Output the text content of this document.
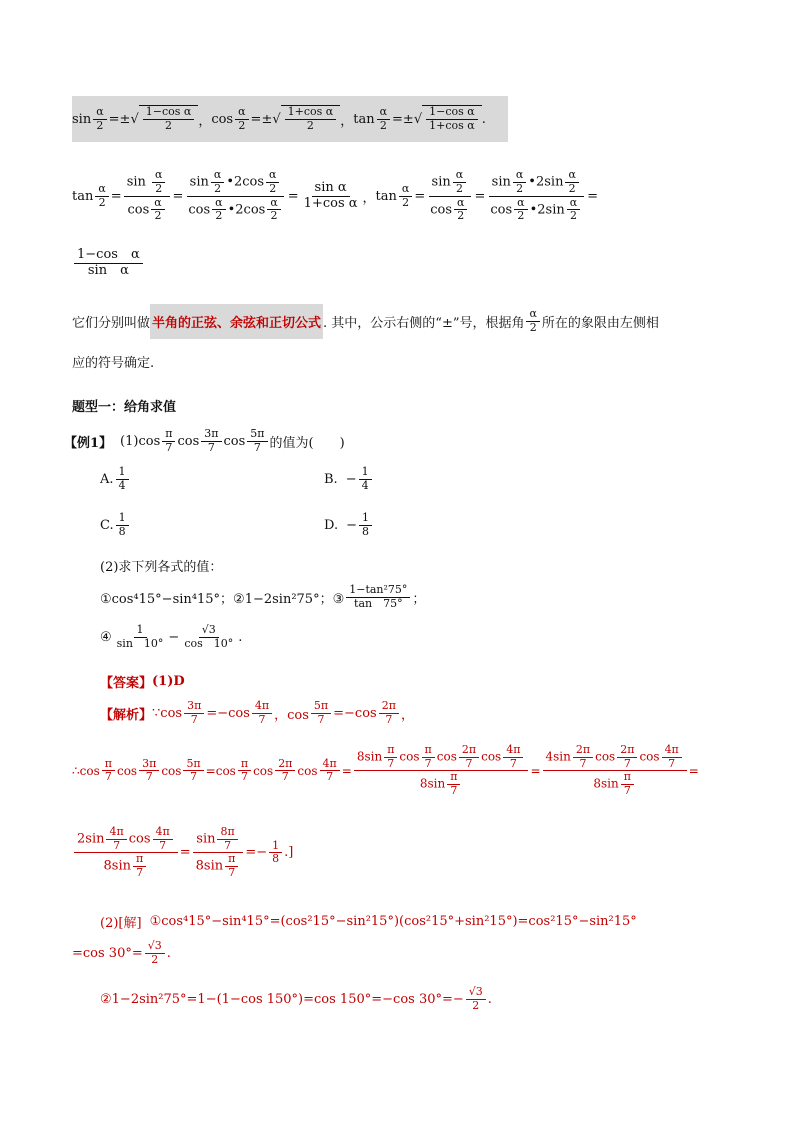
$\sin \frac{\alpha}{2}$ =± √ $\frac{\text{1−cos α}}{2}$ ， $\cos \frac{\alpha}{2}$ =± √ $\frac{\text{1+cos α}}{2}$ ， $\tan \frac{\alpha}{2}$ =± √ $\frac{\text{1−cos α}}{\text{1+cos α}}$ .
$\tan \frac{\alpha}{2} = \frac{\sin \frac{\alpha}{2}}{\cos \frac{\alpha}{2}} = \frac{\sin \frac{\alpha}{2} •2\cos \frac{\alpha}{2}}{\cos \frac{\alpha}{2} •2\cos \frac{\alpha}{2}} = \frac{\text{sin α}}{\text{1+cos α}}$ ， $\tan \frac{\alpha}{2} = \frac{\sin \frac{\alpha}{2}}{\cos \frac{\alpha}{2}} = \frac{\sin \frac{\alpha}{2} •2\sin \frac{\alpha}{2}}{\cos \frac{\alpha}{2} •2\sin \frac{\alpha}{2}}$ =
1−cos　α
sin　α
它们分别叫做 半角的正弦、余弦和正切公式 . 其中，公示右侧的“±”号，根据角
α
2 所在的象限由左侧相
应的符号确定.
题型一：给角求值
【例1】 (1) cos
π
7 cos
3π
7 cos
5π
7 的值为(　　)
A.
1
4	B. − $\frac{1}{4}$
C.
1
8	D. − $\frac{1}{8}$
(2)求下列各式的值：
①cos⁴15°−sin⁴15°；②1−2sin²75°；③
1−tan²75°
tan　75° ；
④
1
sin　$10^\circ - \frac{√3}{\cos 10^\circ}$ .
【答案】 (1)D
【解析】 ∵cos $\frac{3\pi}{7} =-\cos$
4π
7 ，$\cos \frac{5\pi}{7} =-\cos$
2π
7 ，
∴cos
π
7 cos
3π
7 $\cos \frac{5\pi}{7} =\cos$
π
7 cos
2π
7 $\cos \frac{4\pi}{7} = \frac{8\sin \frac{\pi}{7} \cos \frac{\pi}{7} \cos \frac{2\pi}{7} \cos \frac{4\pi}{7}}{8\sin \frac{\pi}{7}} = \frac{4\sin \frac{2\pi}{7} \cos \frac{2\pi}{7} \cos \frac{4\pi}{7}}{8\sin \frac{\pi}{7}}$ =
$\frac{2\sin \frac{4\pi}{7} \cos \frac{4\pi}{7}}{8\sin \frac{\pi}{7}} = \frac{\sin \frac{8\pi}{7}}{8\sin \frac{\pi}{7}} =- \frac{1}{8}$ .]
(2)[解] ①cos⁴15°−sin⁴15°=(cos²15°−sin²15°)(cos²15°+sin²15°)=cos²15°−sin²15°
=cos $30^\circ= \frac{√3}{2}$ .
②1−2sin²75°=1−(1−cos 150°)=cos 150°=−cos $30^\circ=- \frac{√3}{2}$ .
